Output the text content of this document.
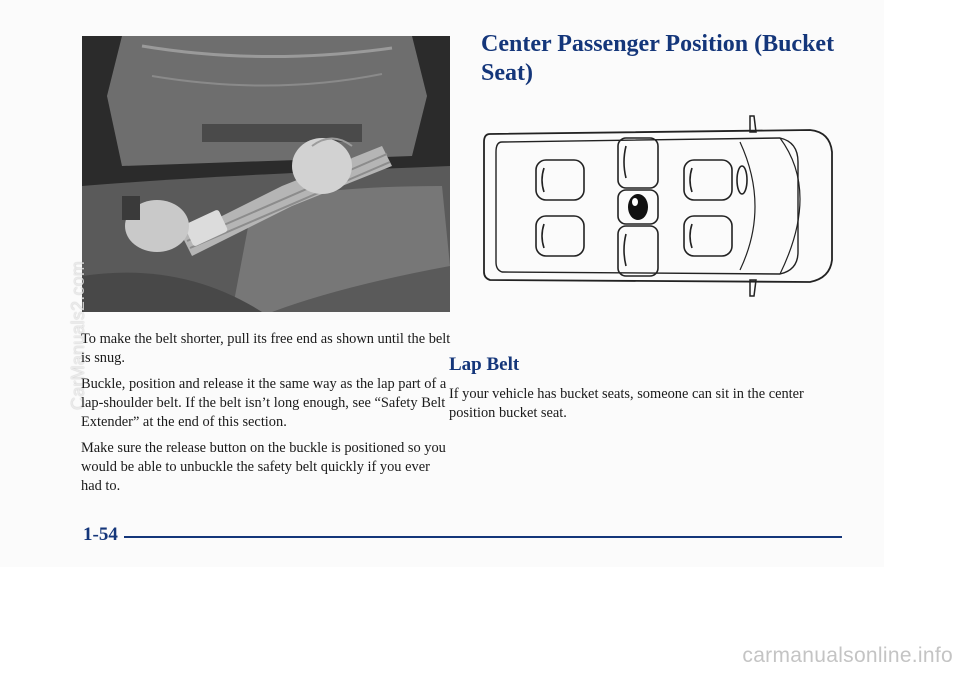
CarManuals2.com

To make the belt shorter, pull its free end as shown until the belt is snug.

Buckle, position and release it the same way as the lap part of a lap-shoulder belt. If the belt isn’t long enough, see “Safety Belt Extender” at the end of this section.

Make sure the release button on the buckle is positioned so you would be able to unbuckle the safety belt quickly if you ever had to.

Center Passenger Position (Bucket Seat)
Lap Belt

If your vehicle has bucket seats, someone can sit in the center position bucket seat.

1-54
carmanualsonline.info
